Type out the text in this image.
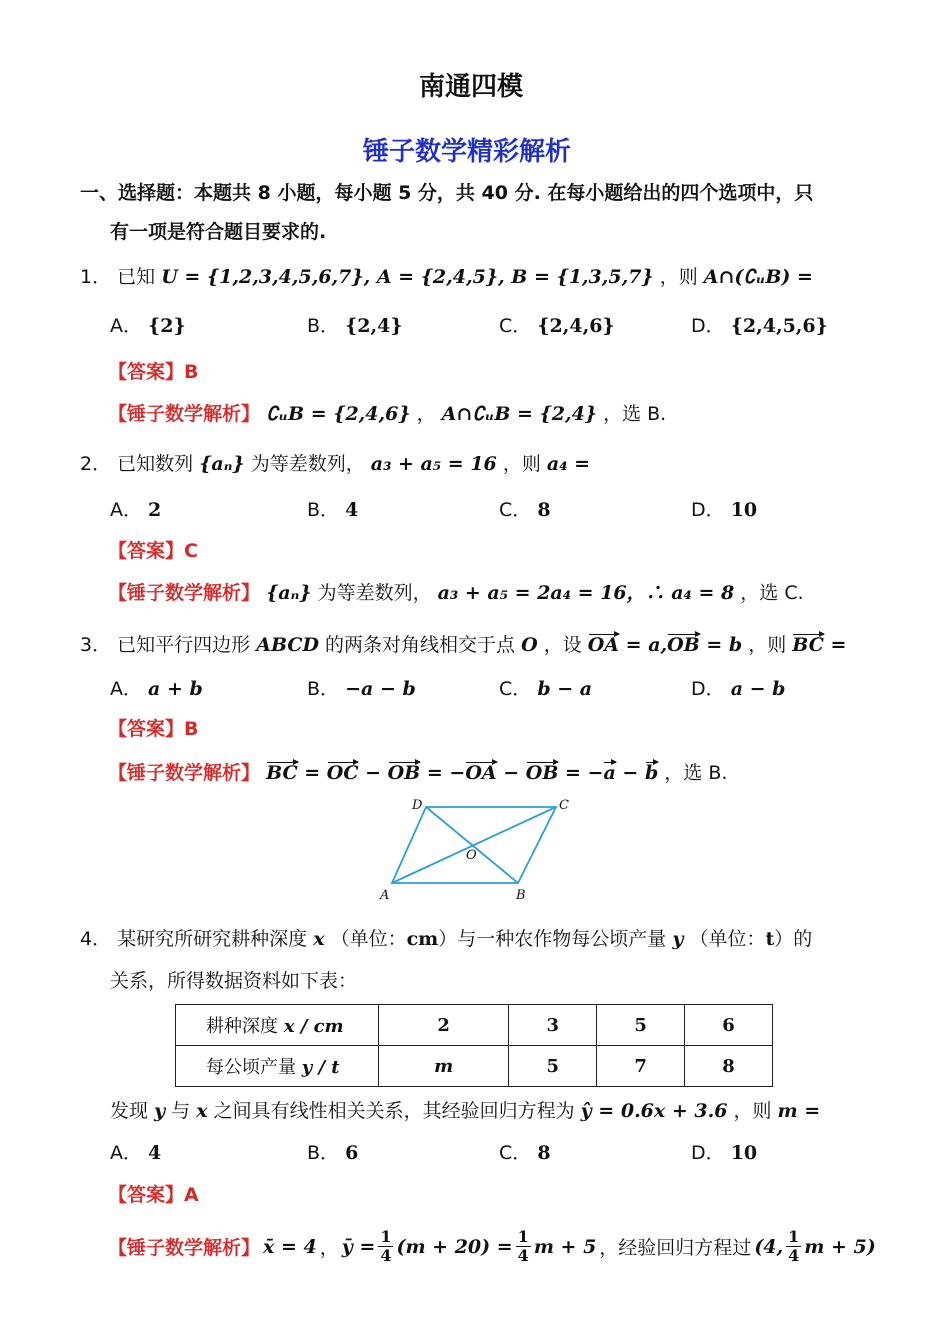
南通四模
锤子数学精彩解析
一、选择题：本题共 8 小题，每小题 5 分，共 40 分. 在每小题给出的四个选项中，只
有一项是符合题目要求的.
1． 已知 U = {1,2,3,4,5,6,7}, A = {2,4,5}, B = {1,3,5,7} ，则 A∩(∁ᵤB) =
A． {2}	B． {2,4}	C． {2,4,6}	D． {2,4,5,6}
【答案】B
【锤子数学解析】 ∁ᵤB = {2,4,6} ， A∩∁ᵤB = {2,4} ，选 B.
2． 已知数列 {aₙ} 为等差数列， a₃ + a₅ = 16 ，则 a₄ =
A． 2	B． 4	C． 8	D． 10
【答案】C
【锤子数学解析】 {aₙ} 为等差数列， a₃ + a₅ = 2a₄ = 16，∴ a₄ = 8 ，选 C.
3． 已知平行四边形 ABCD 的两条对角线相交于点 O ，设 OA = a,OB = b ，则 BC =
A． a + b	B． −a − b	C． b − a	D． a − b
【答案】B
【锤子数学解析】 BC = OC − OB = −OA − OB = −a − b ，选 B.
A	B
C
D
O
4． 某研究所研究耕种深度 x （单位：cm）与一种农作物每公顷产量 y （单位：t）的
关系，所得数据资料如下表：
耕种深度 x / cm	2	3	5	6
每公顷产量 y / t	m	5	7	8
发现 y 与 x 之间具有线性相关关系，其经验回归方程为 ŷ = 0.6x + 3.6 ，则 m =
A． 4	B． 6	C． 8	D． 10
【答案】A
【锤子数学解析】 x̄ = 4 ， ȳ = $\frac{1}{4} (m + 20) = \frac{1}{4}$ m + 5 ，经验回归方程过 (4, $\frac{1}{4}$ m + 5)
